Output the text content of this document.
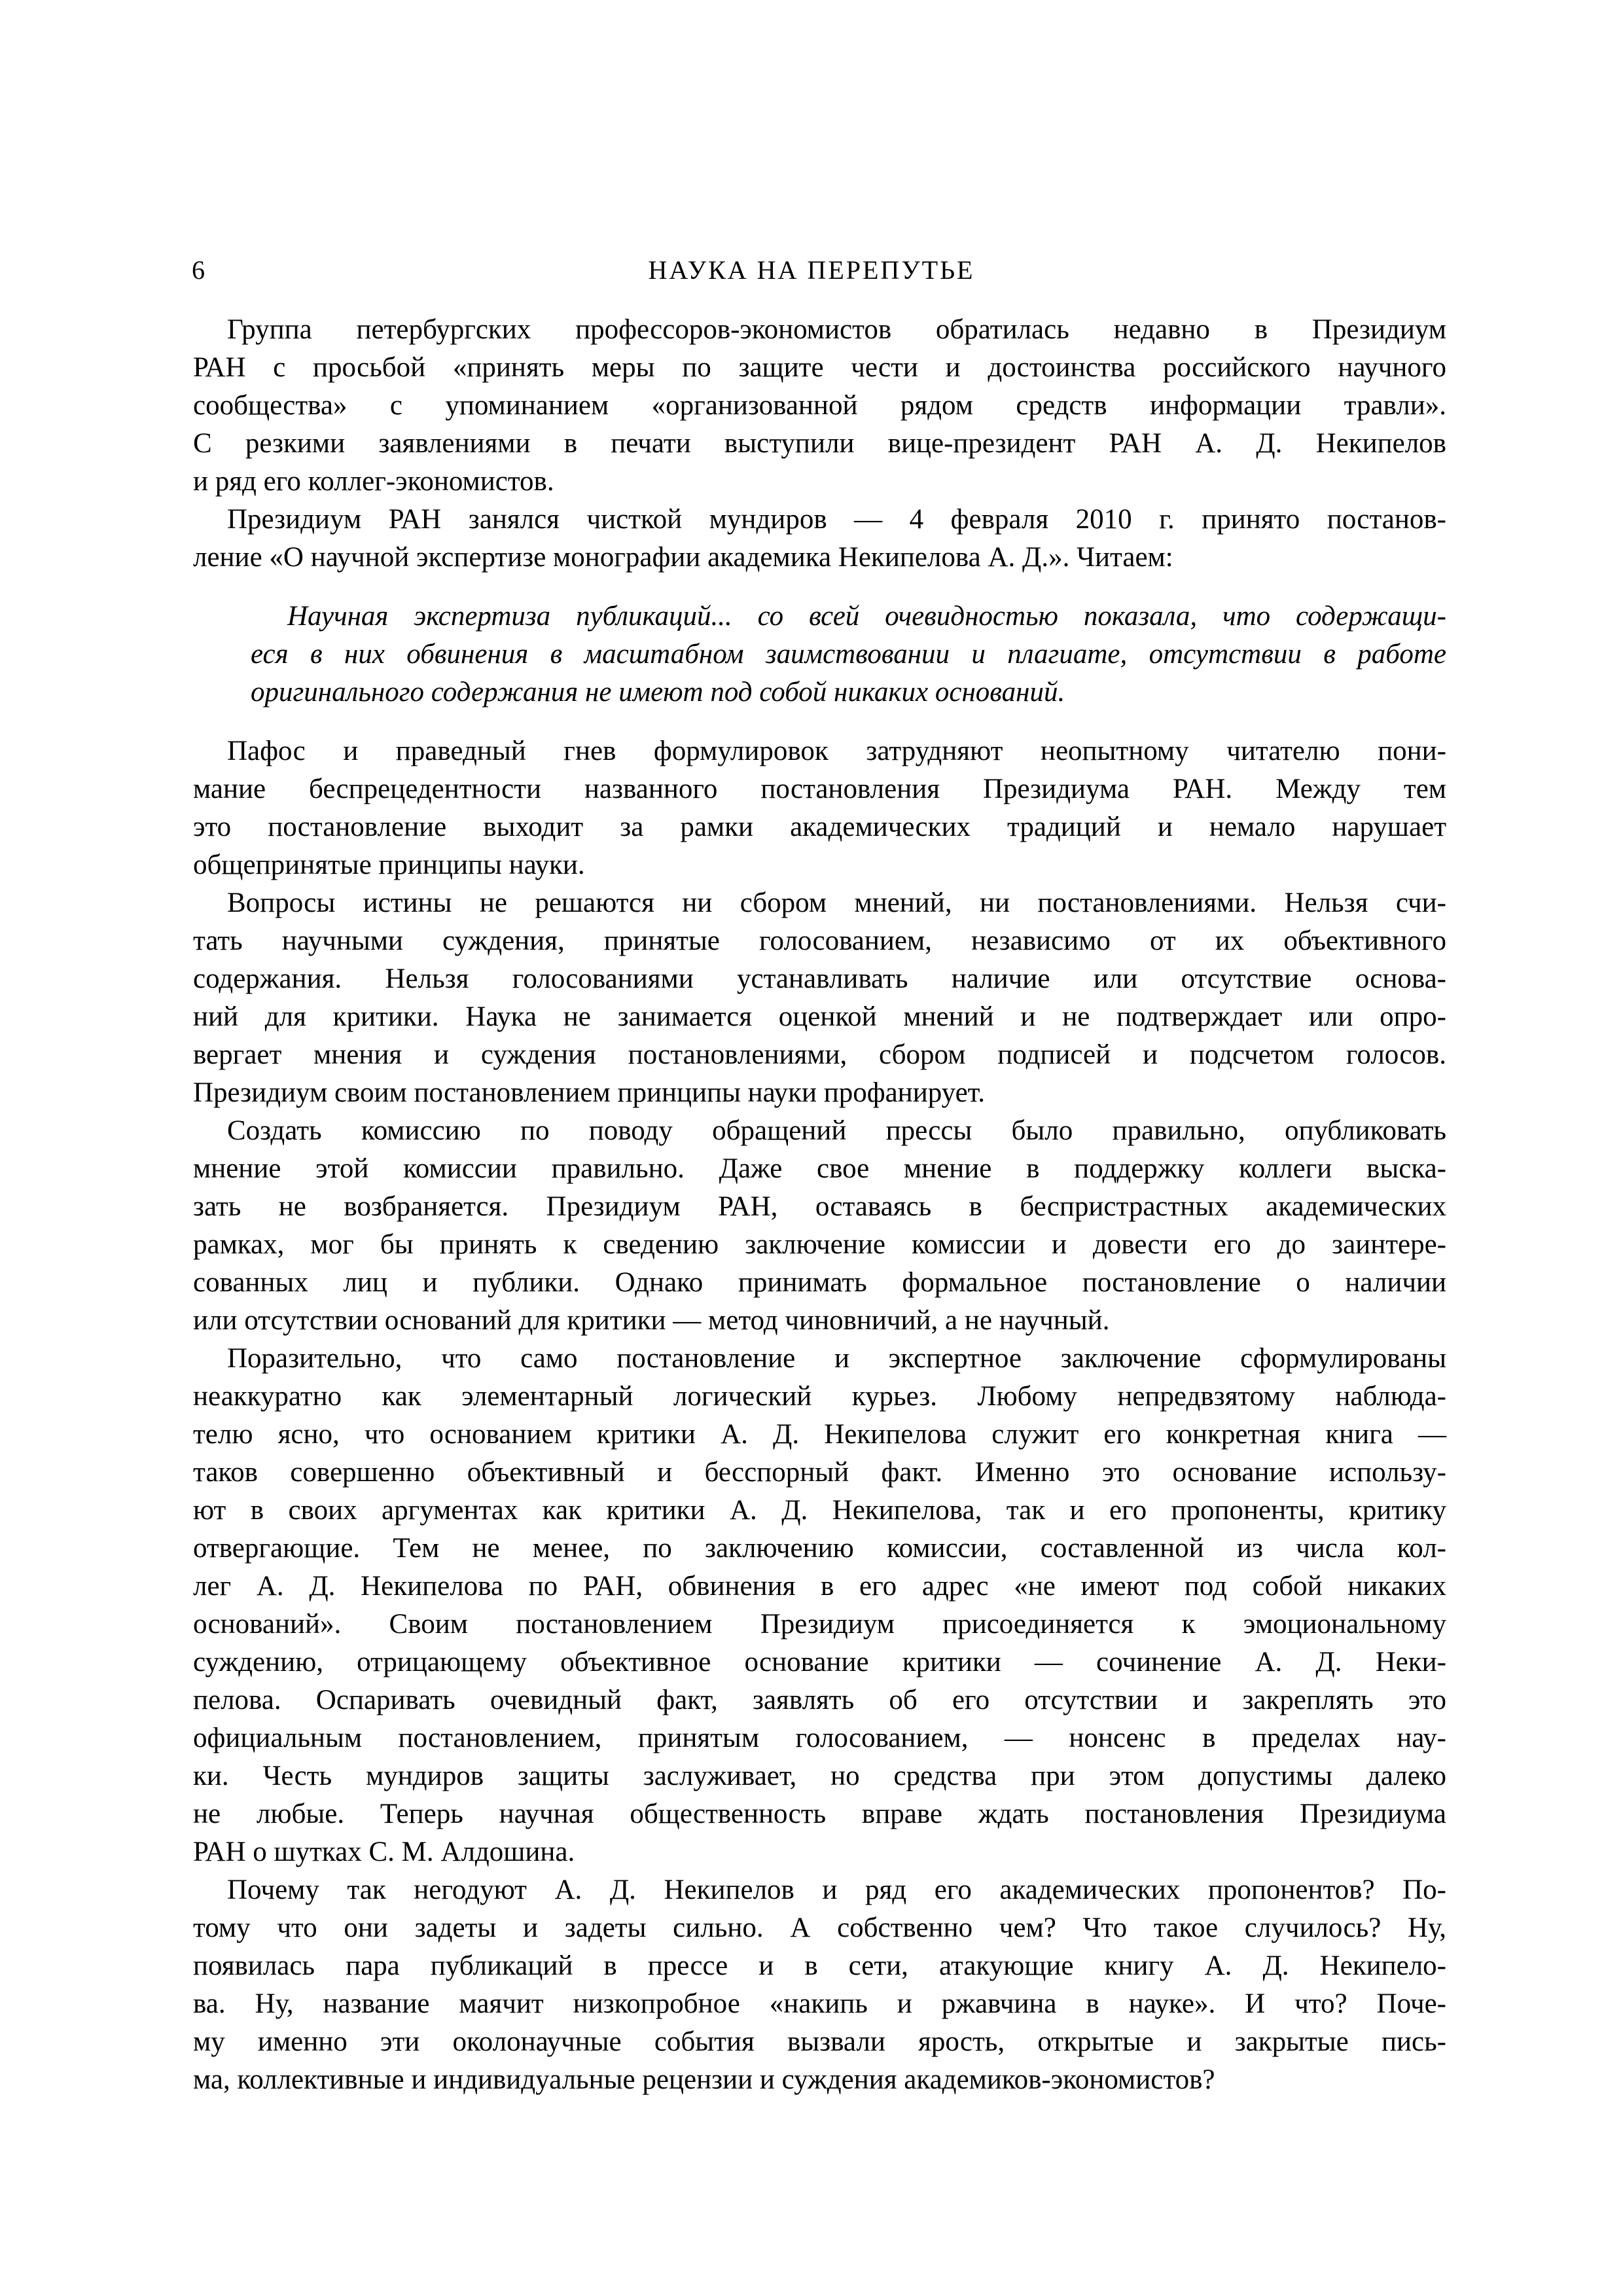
6	НАУКА НА ПЕРЕПУТЬЕ
Группа петербургских профессоров-экономистов обратилась недавно в Президиум
РАН с просьбой «принять меры по защите чести и достоинства российского научного
сообщества» с упоминанием «организованной рядом средств информации травли».
С резкими заявлениями в печати выступили вице-президент РАН А. Д. Некипелов
и ряд его коллег-экономистов.
Президиум РАН занялся чисткой мундиров — 4 февраля 2010 г. принято постанов-
ление «О научной экспертизе монографии академика Некипелова А. Д.». Читаем:
Научная экспертиза публикаций... со всей очевидностью показала, что содержащи-
еся в них обвинения в масштабном заимствовании и плагиате, отсутствии в работе
оригинального содержания не имеют под собой никаких оснований.
Пафос и праведный гнев формулировок затрудняют неопытному читателю пони-
мание беспрецедентности названного постановления Президиума РАН. Между тем
это постановление выходит за рамки академических традиций и немало нарушает
общепринятые принципы науки.
Вопросы истины не решаются ни сбором мнений, ни постановлениями. Нельзя счи-
тать научными суждения, принятые голосованием, независимо от их объективного
содержания. Нельзя голосованиями устанавливать наличие или отсутствие основа-
ний для критики. Наука не занимается оценкой мнений и не подтверждает или опро-
вергает мнения и суждения постановлениями, сбором подписей и подсчетом голосов.
Президиум своим постановлением принципы науки профанирует.
Создать комиссию по поводу обращений прессы было правильно, опубликовать
мнение этой комиссии правильно. Даже свое мнение в поддержку коллеги выска-
зать не возбраняется. Президиум РАН, оставаясь в беспристрастных академических
рамках, мог бы принять к сведению заключение комиссии и довести его до заинтере-
сованных лиц и публики. Однако принимать формальное постановление о наличии
или отсутствии оснований для критики — метод чиновничий, а не научный.
Поразительно, что само постановление и экспертное заключение сформулированы
неаккуратно как элементарный логический курьез. Любому непредвзятому наблюда-
телю ясно, что основанием критики А. Д. Некипелова служит его конкретная книга —
таков совершенно объективный и бесспорный факт. Именно это основание использу-
ют в своих аргументах как критики А. Д. Некипелова, так и его пропоненты, критику
отвергающие. Тем не менее, по заключению комиссии, составленной из числа кол-
лег А. Д. Некипелова по РАН, обвинения в его адрес «не имеют под собой никаких
оснований». Своим постановлением Президиум присоединяется к эмоциональному
суждению, отрицающему объективное основание критики — сочинение А. Д. Неки-
пелова. Оспаривать очевидный факт, заявлять об его отсутствии и закреплять это
официальным постановлением, принятым голосованием, — нонсенс в пределах нау-
ки. Честь мундиров защиты заслуживает, но средства при этом допустимы далеко
не любые. Теперь научная общественность вправе ждать постановления Президиума
РАН о шутках С. М. Алдошина.
Почему так негодуют А. Д. Некипелов и ряд его академических пропонентов? По-
тому что они задеты и задеты сильно. А собственно чем? Что такое случилось? Ну,
появилась пара публикаций в прессе и в сети, атакующие книгу А. Д. Некипело-
ва. Ну, название маячит низкопробное «накипь и ржавчина в науке». И что? Поче-
му именно эти околонаучные события вызвали ярость, открытые и закрытые пись-
ма, коллективные и индивидуальные рецензии и суждения академиков-экономистов?
